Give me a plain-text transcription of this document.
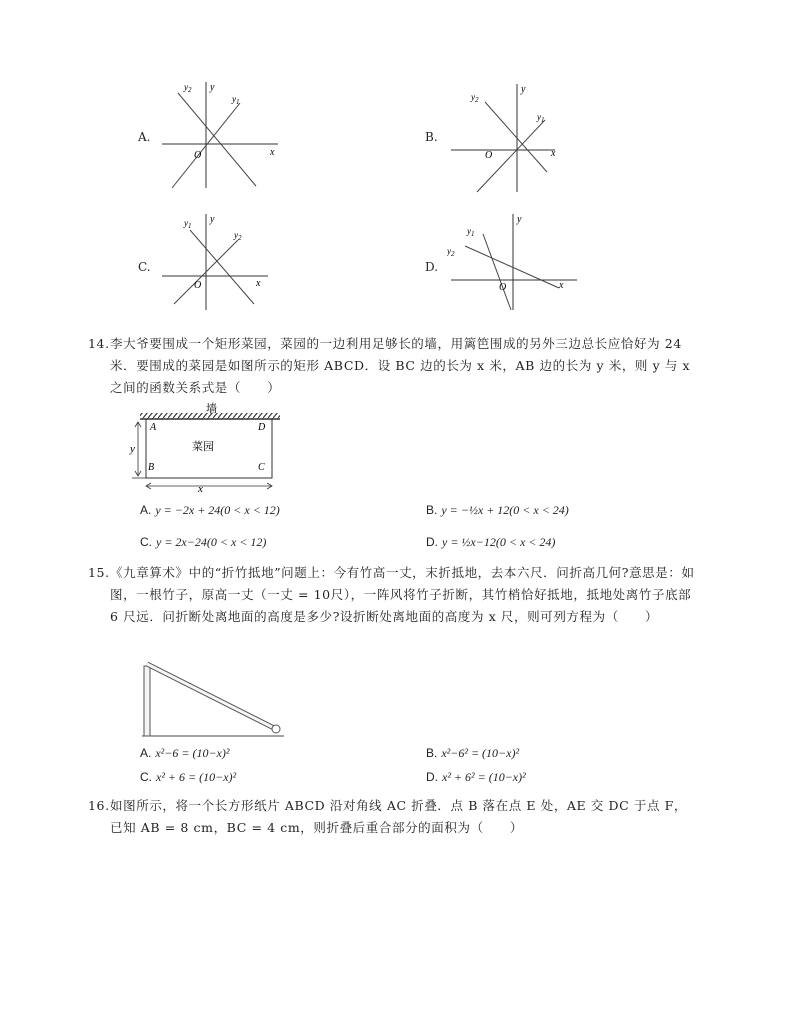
A.
y
x
O
$y_2$
$y_1$
B.
y
x
O
$y_2$
$y_1$
C.
y
x
O
$y_1$
$y_2$
D.
y
x
O
$y_1$
$y_2$
14. 李大爷要围成一个矩形菜园，菜园的一边利用足够长的墙，用篱笆围成的另外三边总长应恰好为 24米．要围成的菜园是如图所示的矩形 ABCD．设 BC 边的长为 x 米，AB 边的长为 y 米，则 y 与 x 之间的函数关系式是（　　）
墙
菜园
A	D
B	C
y
x
A. y = −2x + 24(0 < x < 12)	B. y = −½x + 12(0 < x < 24)
C. y = 2x−24(0 < x < 12)	D. y = ½x−12(0 < x < 24)
15. 《九章算术》中的“折竹抵地”问题上：今有竹高一丈，末折抵地，去本六尺．问折高几何?意思是：如图，一根竹子，原高一丈（一丈 = 10尺），一阵风将竹子折断，其竹梢恰好抵地，抵地处离竹子底部 6 尺远．问折断处离地面的高度是多少?设折断处离地面的高度为 x 尺，则可列方程为（　　）
A. x²−6 = (10−x)²	B. x²−6² = (10−x)²
C. x² + 6 = (10−x)²	D. x² + 6² = (10−x)²
16. 如图所示，将一个长方形纸片 ABCD 沿对角线 AC 折叠．点 B 落在点 E 处，AE 交 DC 于点 F，已知 AB = 8 cm，BC = 4 cm，则折叠后重合部分的面积为（　　）
